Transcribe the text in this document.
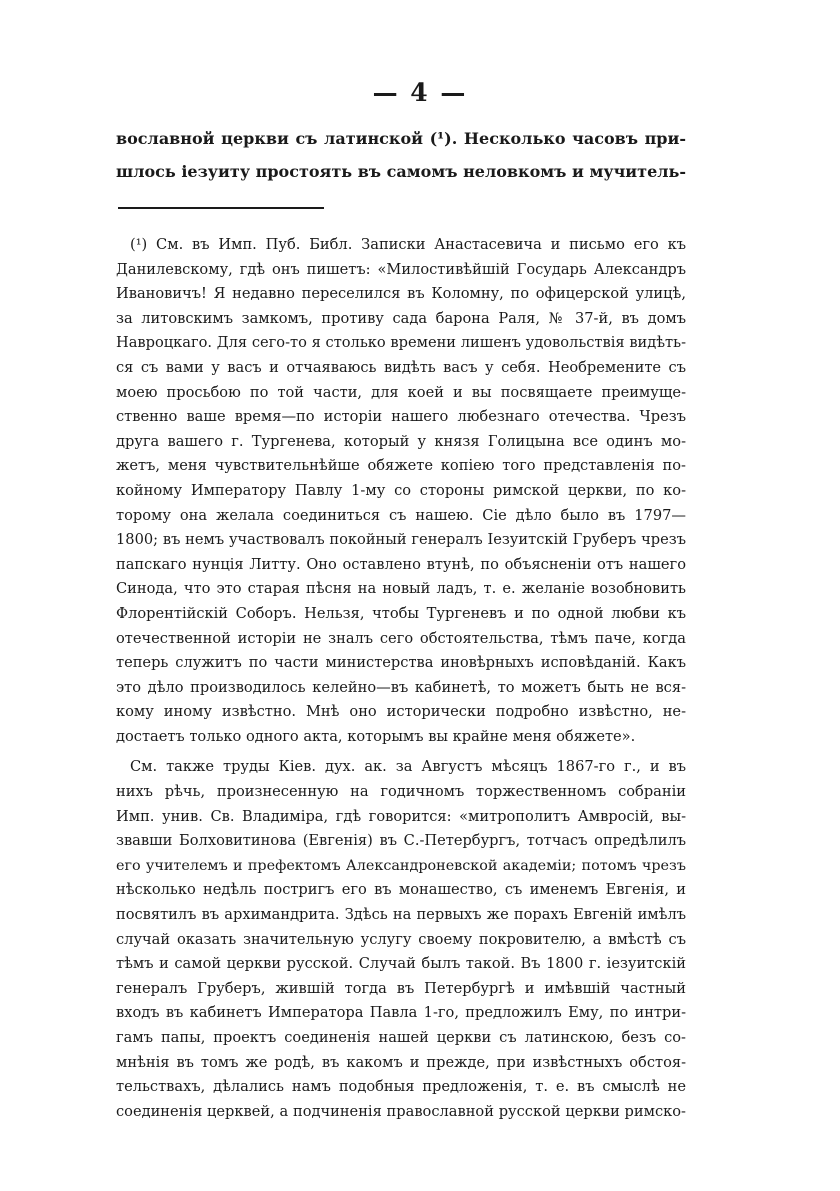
— 4 —
вославной церкви съ латинской (¹). Несколько часовъ при-
шлось іезуиту простоять въ самомъ неловкомъ и мучитель-
(¹) См. въ Имп. Пуб. Библ. Записки Анастасевича и письмо его къ
Данилевскому, гдѣ онъ пишетъ: «Милостивѣйшій Государь Александръ
Ивановичъ! Я недавно переселился въ Коломну, по офицерской улицѣ,
за литовскимъ замкомъ, противу сада барона Раля, № 37-й, въ домъ
Навроцкаго. Для сего-то я столько времени лишенъ удовольствія видѣть-
ся съ вами у васъ и отчаяваюсь видѣть васъ у себя. Необремените съ
моею просьбою по той части, для коей и вы посвящаете преимуще-
ственно ваше время—по исторіи нашего любезнаго отечества. Чрезъ
друга вашего г. Тургенева, который у князя Голицына все одинъ мо-
жетъ, меня чувствительнѣйше обяжете копіею того представленія по-
койному Императору Павлу 1-му со стороны римской церкви, по ко-
торому она желала соединиться съ нашею. Сіе дѣло было въ 1797—
1800; въ немъ участвовалъ покойный генералъ Іезуитскій Груберъ чрезъ
папскаго нунція Литту. Оно оставлено втунѣ, по объясненіи отъ нашего
Синода, что это старая пѣсня на новый ладъ, т. е. желаніе возобновить
Флорентійскій Соборъ. Нельзя, чтобы Тургеневъ и по одной любви къ
отечественной исторіи не зналъ сего обстоятельства, тѣмъ паче, когда
теперь служитъ по части министерства иновѣрныхъ исповѣданій. Какъ
это дѣло производилось келейно—въ кабинетѣ, то можетъ быть не вся-
кому иному извѣстно. Мнѣ оно исторически подробно извѣстно, не-
достаетъ только одного акта, которымъ вы крайне меня обяжете».
См. также труды Кіев. дух. ак. за Августъ мѣсяцъ 1867-го г., и въ
нихъ рѣчь, произнесенную на годичномъ торжественномъ собраніи
Имп. унив. Св. Владиміра, гдѣ говорится: «митрополитъ Амвросій, вы-
звавши Болховитинова (Евгенія) въ С.-Петербургъ, тотчасъ опредѣлилъ
его учителемъ и префектомъ Александроневской академіи; потомъ чрезъ
нѣсколько недѣль постригъ его въ монашество, съ именемъ Евгенія, и
посвятилъ въ архимандрита. Здѣсь на первыхъ же порахъ Евгеній имѣлъ
случай оказать значительную услугу своему покровителю, а вмѣстѣ съ
тѣмъ и самой церкви русской. Случай былъ такой. Въ 1800 г. іезуитскій
генералъ Груберъ, жившій тогда въ Петербургѣ и имѣвшій частный
входъ въ кабинетъ Императора Павла 1-го, предложилъ Ему, по интри-
гамъ папы, проектъ соединенія нашей церкви съ латинскою, безъ со-
мнѣнія въ томъ же родѣ, въ какомъ и прежде, при извѣстныхъ обстоя-
тельствахъ, дѣлались намъ подобныя предложенія, т. е. въ смыслѣ не
соединенія церквей, а подчиненія православной русской церкви римско-
